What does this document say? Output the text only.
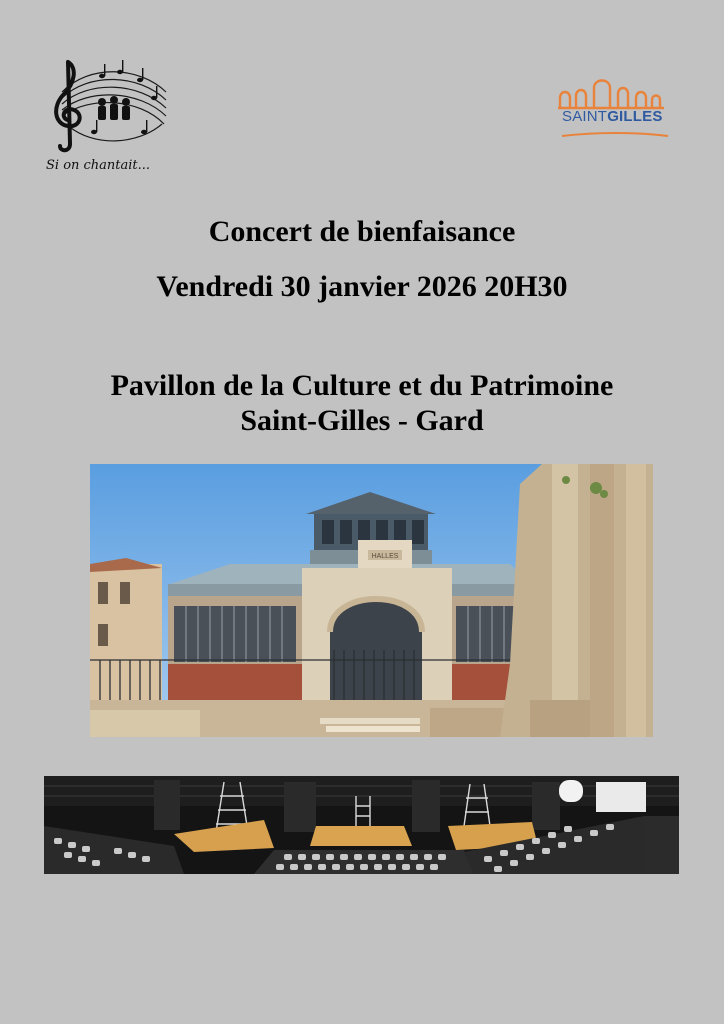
Si on chantait...
SAINTGILLES
Concert de bienfaisance
Vendredi 30 janvier 2026 20H30
Pavillon de la Culture et du Patrimoine
Saint-Gilles - Gard
HALLES
